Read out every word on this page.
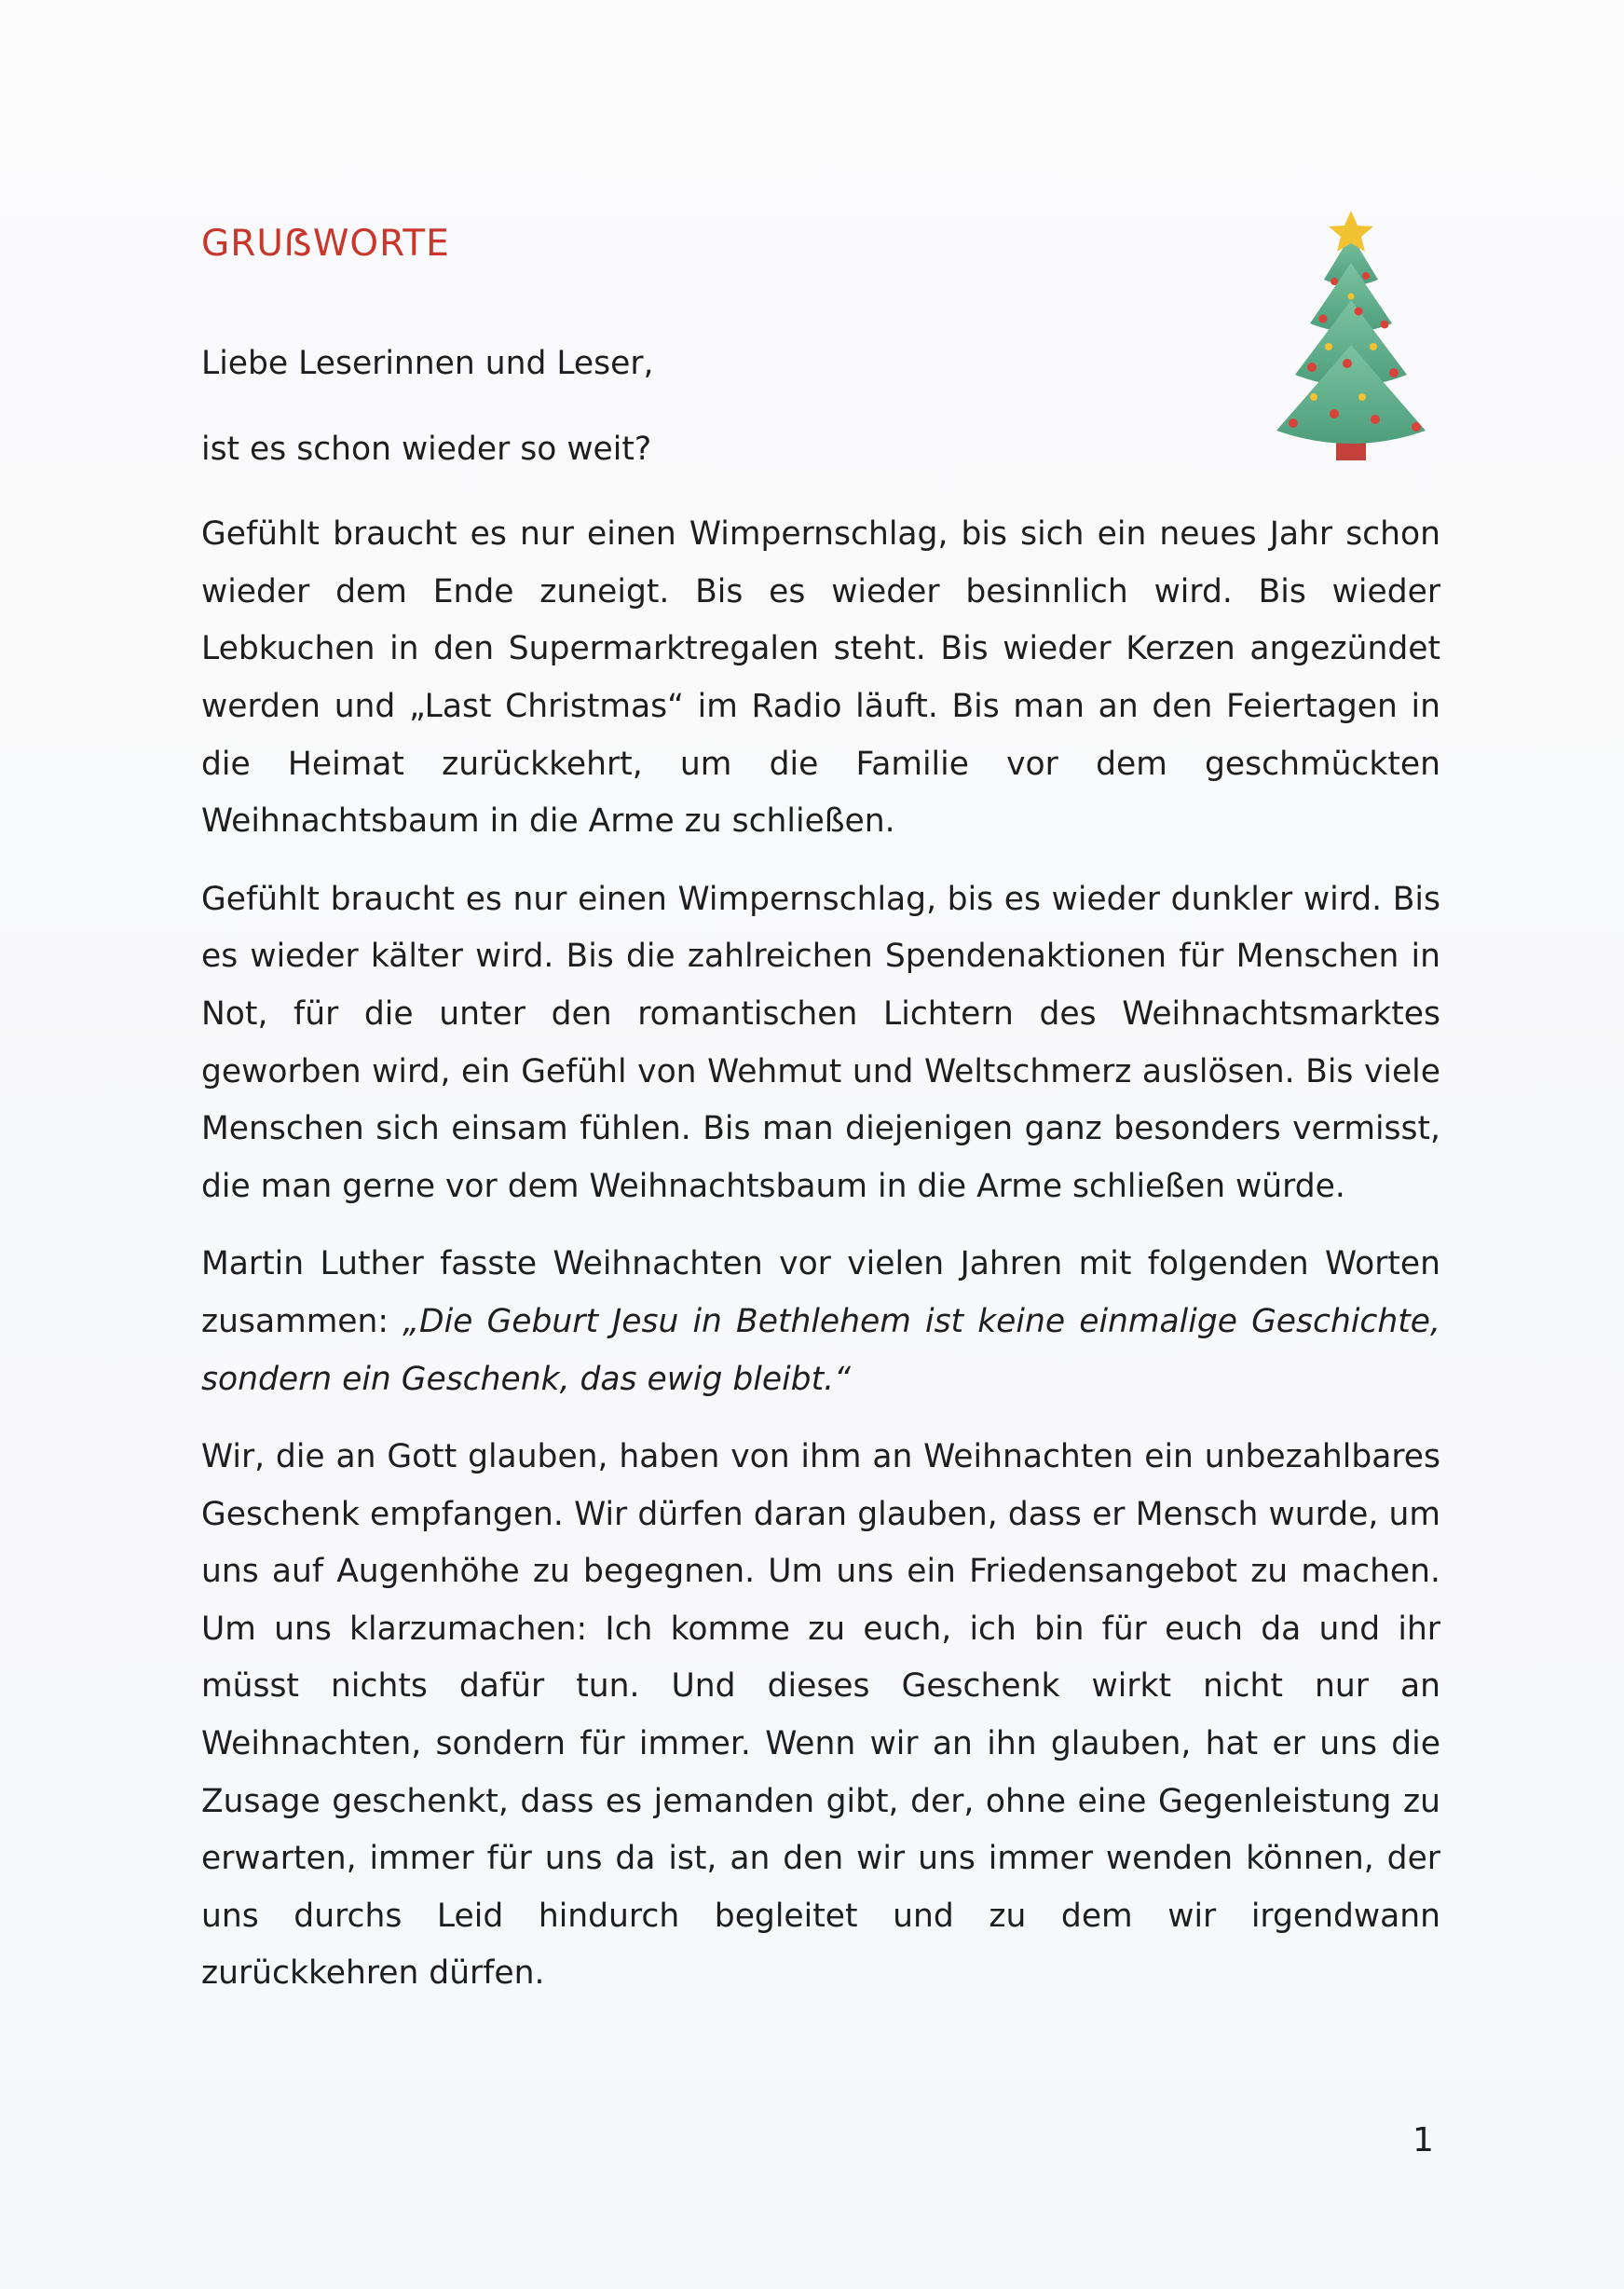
GRUẞWORTE

Liebe Leserinnen und Leser,

ist es schon wieder so weit?

Gefühlt braucht es nur einen Wimpernschlag, bis sich ein neues Jahr schon wieder dem Ende zuneigt. Bis es wieder besinnlich wird. Bis wieder Lebkuchen in den Supermarktregalen steht. Bis wieder Kerzen angezündet werden und „Last Christmas“ im Radio läuft. Bis man an den Feiertagen in die Heimat zurückkehrt, um die Familie vor dem geschmückten Weihnachtsbaum in die Arme zu schließen.

Gefühlt braucht es nur einen Wimpernschlag, bis es wieder dunkler wird. Bis es wieder kälter wird. Bis die zahlreichen Spendenaktionen für Menschen in Not, für die unter den romantischen Lichtern des Weihnachtsmarktes geworben wird, ein Gefühl von Wehmut und Weltschmerz auslösen. Bis viele Menschen sich einsam fühlen. Bis man diejenigen ganz besonders vermisst, die man gerne vor dem Weihnachtsbaum in die Arme schließen würde.

Martin Luther fasste Weihnachten vor vielen Jahren mit folgenden Worten zusammen: „Die Geburt Jesu in Bethlehem ist keine einmalige Geschichte, sondern ein Geschenk, das ewig bleibt.“

Wir, die an Gott glauben, haben von ihm an Weihnachten ein unbezahlbares Geschenk empfangen. Wir dürfen daran glauben, dass er Mensch wurde, um uns auf Augenhöhe zu begegnen. Um uns ein Friedensangebot zu machen. Um uns klarzumachen: Ich komme zu euch, ich bin für euch da und ihr müsst nichts dafür tun. Und dieses Geschenk wirkt nicht nur an Weihnachten, sondern für immer. Wenn wir an ihn glauben, hat er uns die Zusage geschenkt, dass es jemanden gibt, der, ohne eine Gegenleistung zu erwarten, immer für uns da ist, an den wir uns immer wenden können, der uns durchs Leid hindurch begleitet und zu dem wir irgendwann zurückkehren dürfen.

1
